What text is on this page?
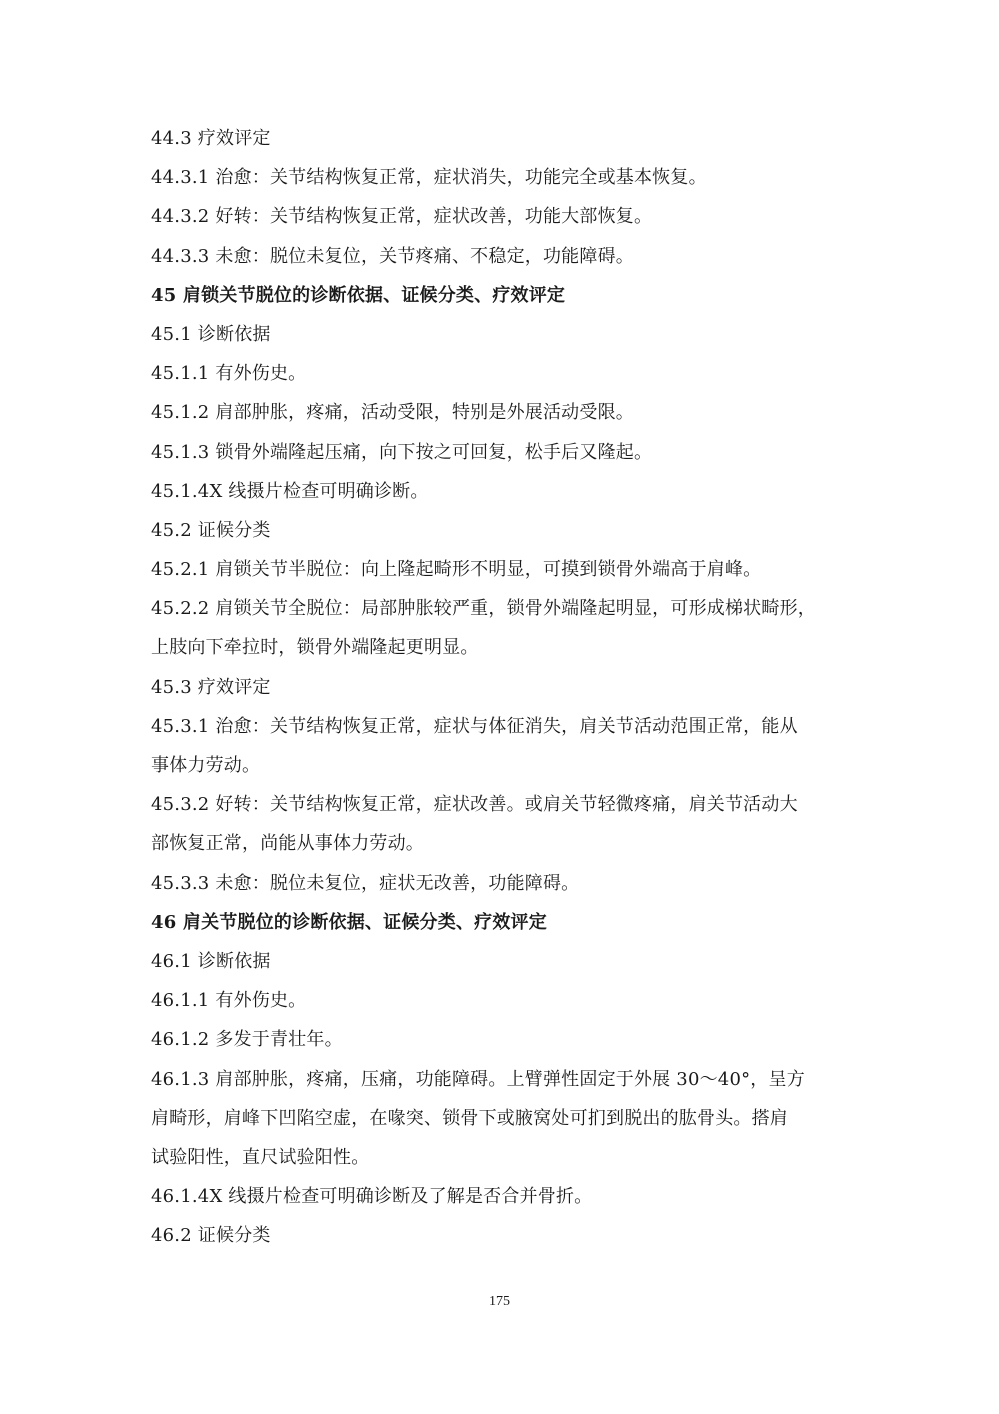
44.3 疗效评定
44.3.1 治愈：关节结构恢复正常，症状消失，功能完全或基本恢复。
44.3.2 好转：关节结构恢复正常，症状改善，功能大部恢复。
44.3.3 未愈：脱位未复位，关节疼痛、不稳定，功能障碍。
45 肩锁关节脱位的诊断依据、证候分类、疗效评定
45.1 诊断依据
45.1.1 有外伤史。
45.1.2 肩部肿胀，疼痛，活动受限，特别是外展活动受限。
45.1.3 锁骨外端隆起压痛，向下按之可回复，松手后又隆起。
45.1.4X 线摄片检查可明确诊断。
45.2 证候分类
45.2.1 肩锁关节半脱位：向上隆起畸形不明显，可摸到锁骨外端高于肩峰。
45.2.2 肩锁关节全脱位：局部肿胀较严重，锁骨外端隆起明显，可形成梯状畸形，
上肢向下牵拉时，锁骨外端隆起更明显。
45.3 疗效评定
45.3.1 治愈：关节结构恢复正常，症状与体征消失，肩关节活动范围正常，能从
事体力劳动。
45.3.2 好转：关节结构恢复正常，症状改善。或肩关节轻微疼痛，肩关节活动大
部恢复正常，尚能从事体力劳动。
45.3.3 未愈：脱位未复位，症状无改善，功能障碍。
46 肩关节脱位的诊断依据、证候分类、疗效评定
46.1 诊断依据
46.1.1 有外伤史。
46.1.2 多发于青壮年。
46.1.3 肩部肿胀，疼痛，压痛，功能障碍。上臂弹性固定于外展 30～40°，呈方
肩畸形，肩峰下凹陷空虚，在喙突、锁骨下或腋窝处可扪到脱出的肱骨头。搭肩
试验阳性，直尺试验阳性。
46.1.4X 线摄片检查可明确诊断及了解是否合并骨折。
46.2 证候分类
175
